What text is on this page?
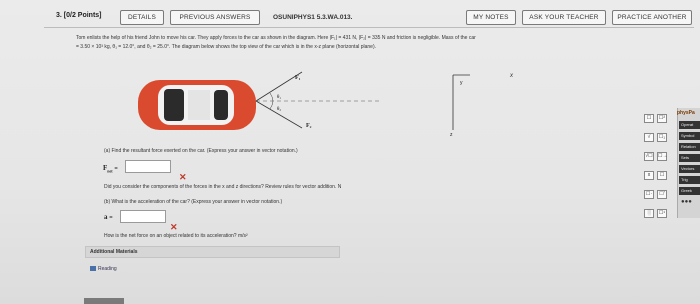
3. [0/2 Points]	DETAILS	PREVIOUS ANSWERS	OSUNIPHYS1 5.3.WA.013.	MY NOTES	ASK YOUR TEACHER	PRACTICE ANOTHER
Tom enlists the help of his friend John to move his car. They apply forces to the car as shown in the diagram. Here |F₁| = 431 N, |F₂| = 335 N and friction is negligible. Mass of the car
= 3.50 × 10³ kg, θ₁ = 12.0°, and θ₂ = 25.0°. The diagram below shows the top view of the car which is in the x-z plane (horizontal plane).
F₁
F₂
θ₁
θ₂
y
z
x
(a) Find the resultant force exerted on the car. (Express your answer in vector notation.)
$F_{net}$ =
✕
Did you consider the components of the forces in the x and z directions? Review rules for vector addition. N
(b) What is the acceleration of the car? (Express your answer in vector notation.)
a =
✕
How is the net force on an object related to its acceleration? m/s²
Additional Materials
Reading
☐	☐²
√	☐₁
√☐ ☐→
x	☐
☐·	☐′
░	☐¹
physPa
Operat
Symbol
Relation
Sets
Vectors
Trig
Greek
●●●
